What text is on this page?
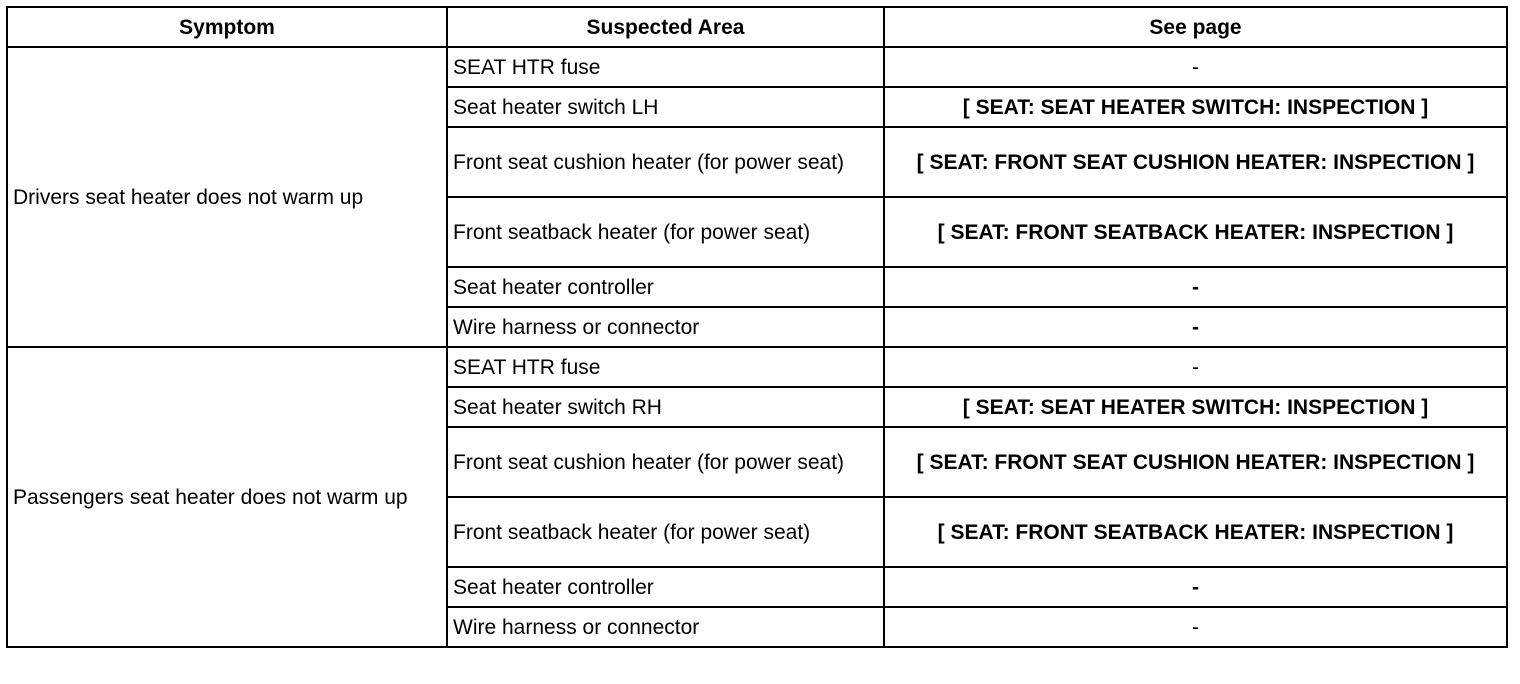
Symptom	Suspected Area	See page
Drivers seat heater does not warm up	SEAT HTR fuse	-
	Seat heater switch LH	[ SEAT: SEAT HEATER SWITCH: INSPECTION ]
	Front seat cushion heater (for power seat)	[ SEAT: FRONT SEAT CUSHION HEATER: INSPECTION ]
	Front seatback heater (for power seat)	[ SEAT: FRONT SEATBACK HEATER: INSPECTION ]
	Seat heater controller	-
	Wire harness or connector	-
Passengers seat heater does not warm up	SEAT HTR fuse	-
	Seat heater switch RH	[ SEAT: SEAT HEATER SWITCH: INSPECTION ]
	Front seat cushion heater (for power seat)	[ SEAT: FRONT SEAT CUSHION HEATER: INSPECTION ]
	Front seatback heater (for power seat)	[ SEAT: FRONT SEATBACK HEATER: INSPECTION ]
	Seat heater controller	-
	Wire harness or connector	-
